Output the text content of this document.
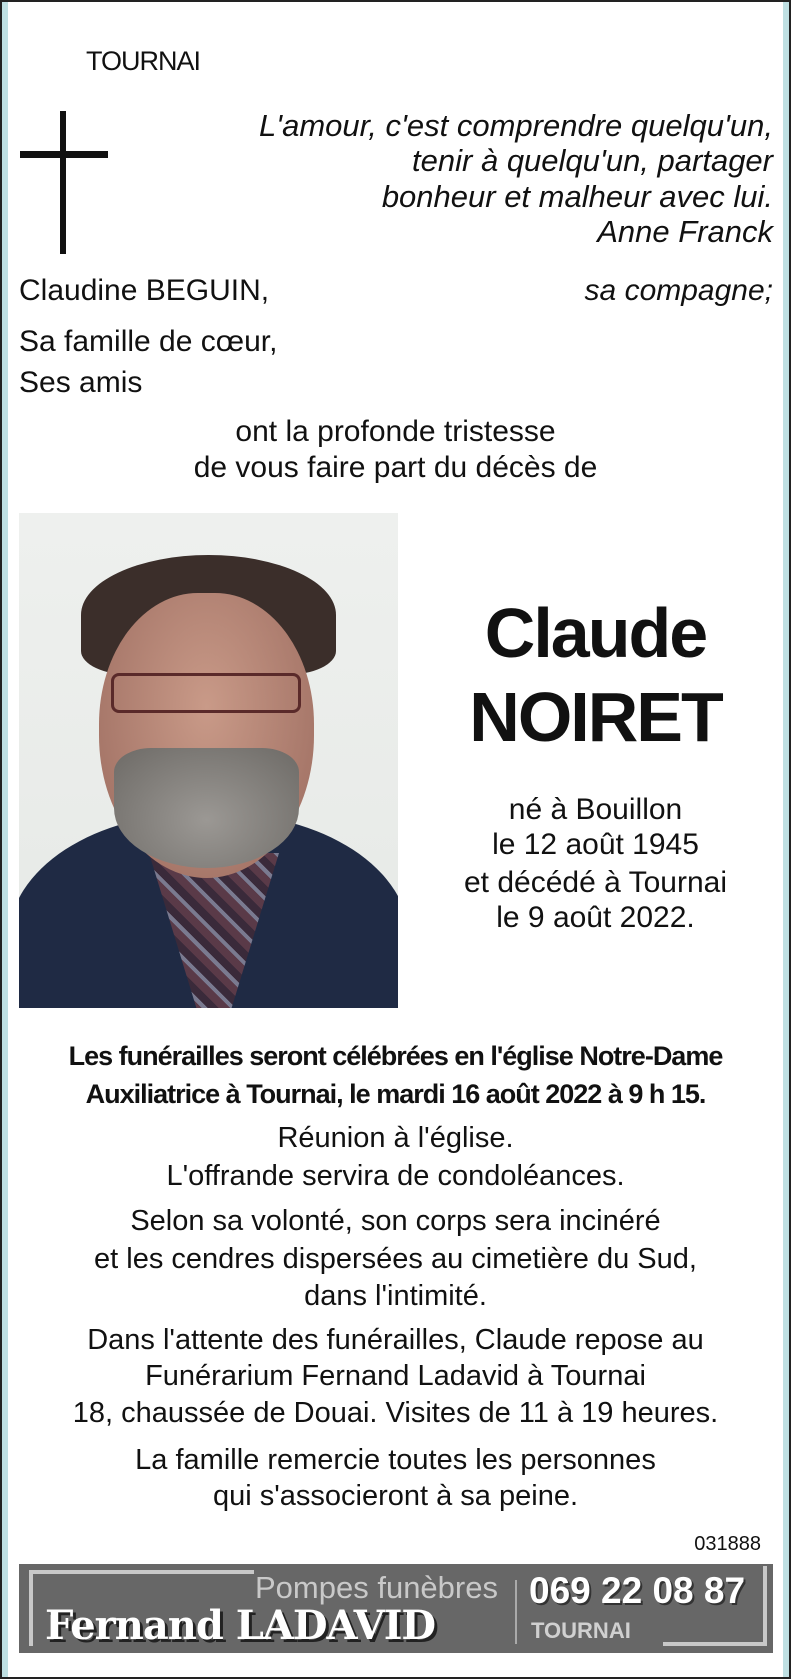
TOURNAI
L'amour, c'est comprendre quelqu'un,
tenir à quelqu'un, partager
bonheur et malheur avec lui.
Anne Franck
Claudine BEGUIN,	sa compagne;
Sa famille de cœur,
Ses amis
ont la profonde tristesse
de vous faire part du décès de
Claude
NOIRET
né à Bouillon
le 12 août 1945
et décédé à Tournai
le 9 août 2022.
Les funérailles seront célébrées en l'église Notre-Dame
Auxiliatrice à Tournai, le mardi 16 août 2022 à 9 h 15.
Réunion à l'église.
L'offrande servira de condoléances.
Selon sa volonté, son corps sera incinéré
et les cendres dispersées au cimetière du Sud,
dans l'intimité.
Dans l'attente des funérailles, Claude repose au
Funérarium Fernand Ladavid à Tournai
18, chaussée de Douai. Visites de 11 à 19 heures.
La famille remercie toutes les personnes
qui s'associeront à sa peine.
031888
Pompes funèbres
Fernand LADAVID
069 22 08 87
TOURNAI
